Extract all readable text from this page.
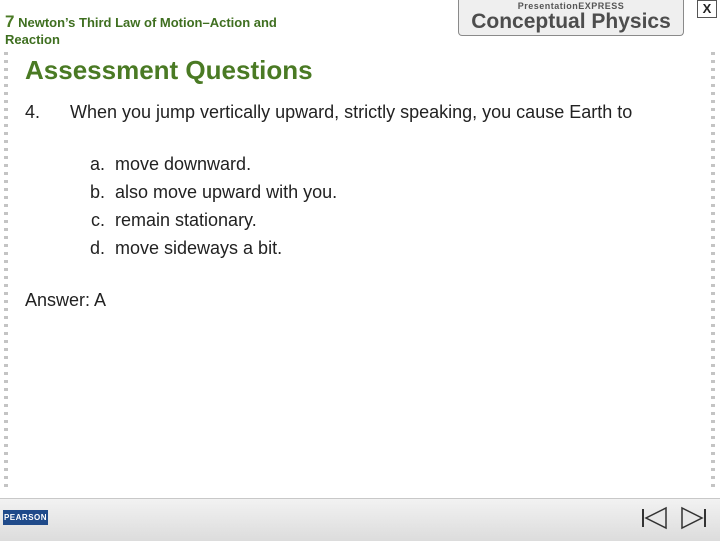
7 Newton’s Third Law of Motion–Action and Reaction
PresentationEXPRESS
Conceptual Physics
X
Assessment Questions
4. When you jump vertically upward, strictly speaking, you cause Earth to
a. move downward.
b. also move upward with you.
c. remain stationary.
d. move sideways a bit.
Answer: A
PEARSON
